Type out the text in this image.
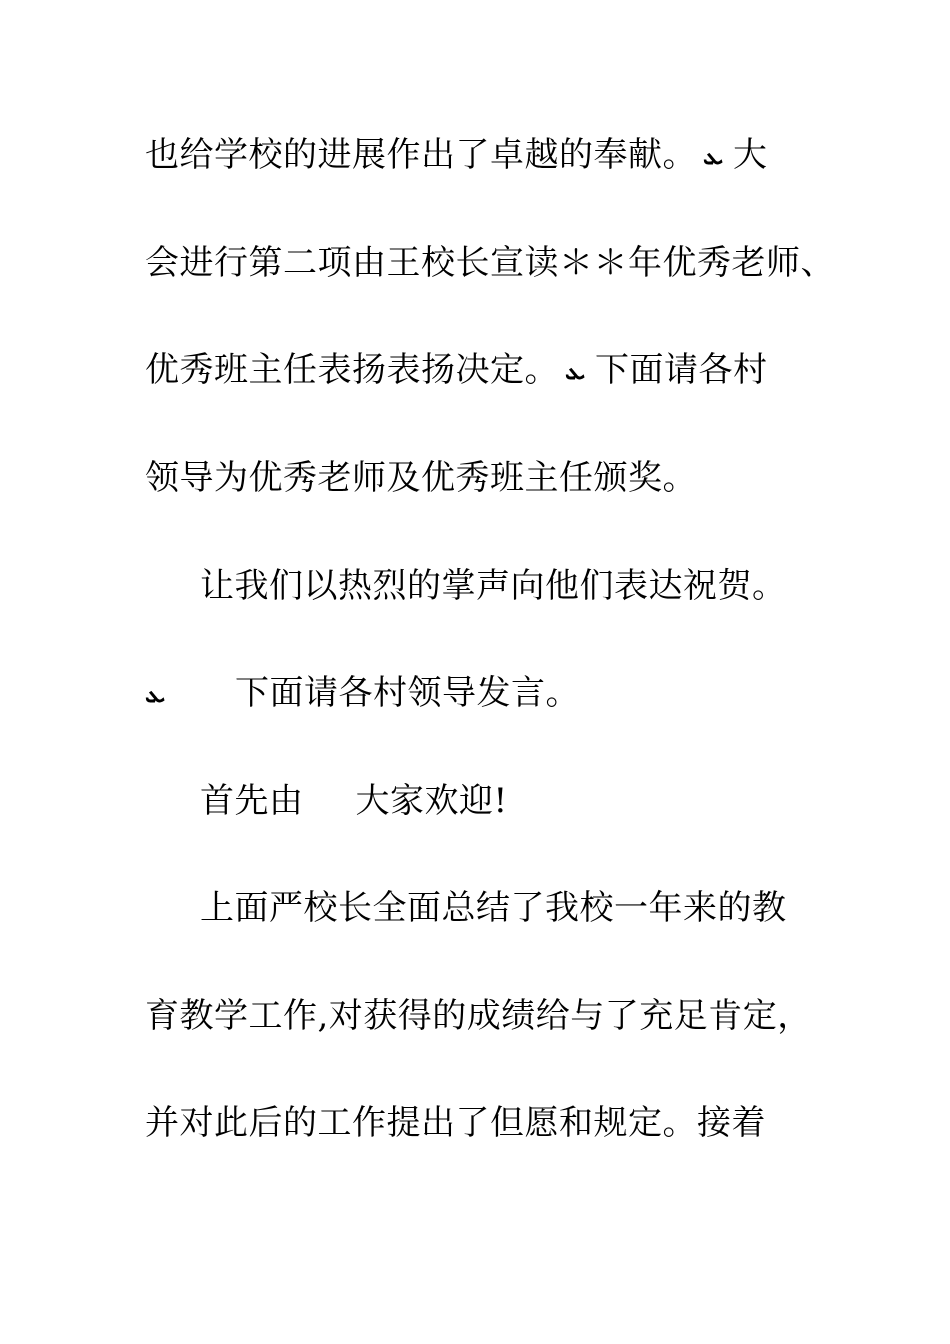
也给学校的进展作出了卓越的奉献。 ܥ 大
会进行第二项由王校长宣读＊＊年优秀老师、
优秀班主任表扬表扬决定。 ܥ 下面请各村
领导为优秀老师及优秀班主任颁奖。
让我们以热烈的掌声向他们表达祝贺。
ܥ 下面请各村领导发言。
首先由 大家欢迎!
上面严校长全面总结了我校一年来的教
育教学工作,对获得的成绩给与了充足肯定，
并对此后的工作提出了但愿和规定。接着
